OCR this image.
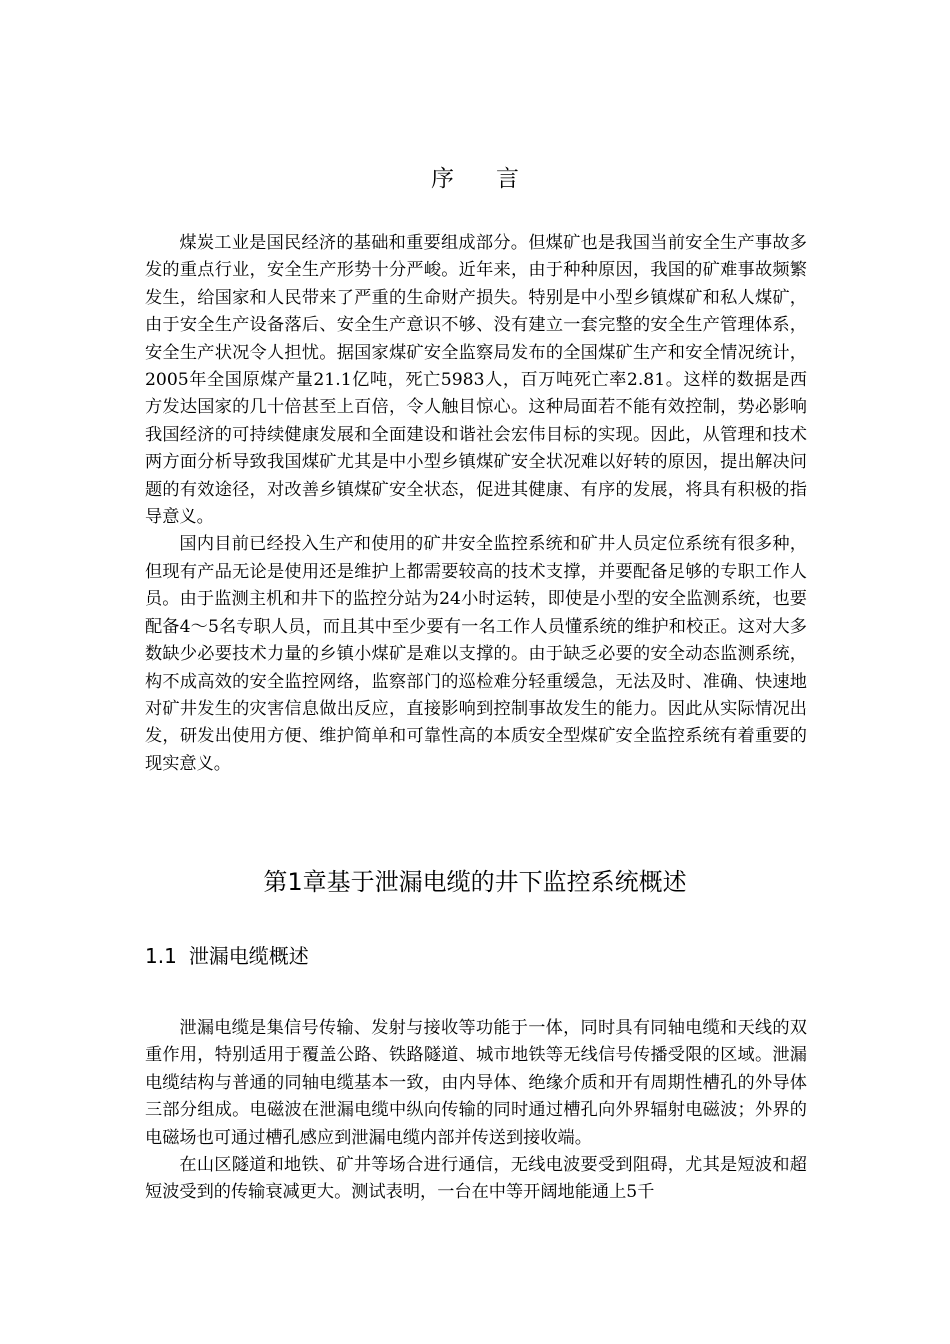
序 言

煤炭工业是国民经济的基础和重要组成部分。但煤矿也是我国当前安全生产事故多发的重点行业，安全生产形势十分严峻。近年来，由于种种原因，我国的矿难事故频繁发生，给国家和人民带来了严重的生命财产损失。特别是中小型乡镇煤矿和私人煤矿，由于安全生产设备落后、安全生产意识不够、没有建立一套完整的安全生产管理体系，安全生产状况令人担忧。据国家煤矿安全监察局发布的全国煤矿生产和安全情况统计，2005年全国原煤产量21.1亿吨，死亡5983人，百万吨死亡率2.81。这样的数据是西方发达国家的几十倍甚至上百倍，令人触目惊心。这种局面若不能有效控制，势必影响我国经济的可持续健康发展和全面建设和谐社会宏伟目标的实现。因此，从管理和技术两方面分析导致我国煤矿尤其是中小型乡镇煤矿安全状况难以好转的原因，提出解决问题的有效途径，对改善乡镇煤矿安全状态，促进其健康、有序的发展，将具有积极的指导意义。

国内目前已经投入生产和使用的矿井安全监控系统和矿井人员定位系统有很多种，但现有产品无论是使用还是维护上都需要较高的技术支撑，并要配备足够的专职工作人员。由于监测主机和井下的监控分站为24小时运转，即使是小型的安全监测系统，也要配备4～5名专职人员，而且其中至少要有一名工作人员懂系统的维护和校正。这对大多数缺少必要技术力量的乡镇小煤矿是难以支撑的。由于缺乏必要的安全动态监测系统，构不成高效的安全监控网络，监察部门的巡检难分轻重缓急，无法及时、准确、快速地对矿井发生的灾害信息做出反应，直接影响到控制事故发生的能力。因此从实际情况出发，研发出使用方便、维护简单和可靠性高的本质安全型煤矿安全监控系统有着重要的现实意义。

第1章基于泄漏电缆的井下监控系统概述
1.1 泄漏电缆概述

泄漏电缆是集信号传输、发射与接收等功能于一体，同时具有同轴电缆和天线的双重作用，特别适用于覆盖公路、铁路隧道、城市地铁等无线信号传播受限的区域。泄漏电缆结构与普通的同轴电缆基本一致，由内导体、绝缘介质和开有周期性槽孔的外导体三部分组成。电磁波在泄漏电缆中纵向传输的同时通过槽孔向外界辐射电磁波；外界的电磁场也可通过槽孔感应到泄漏电缆内部并传送到接收端。

在山区隧道和地铁、矿井等场合进行通信，无线电波要受到阻碍，尤其是短波和超短波受到的传输衰减更大。测试表明，一台在中等开阔地能通上5千
